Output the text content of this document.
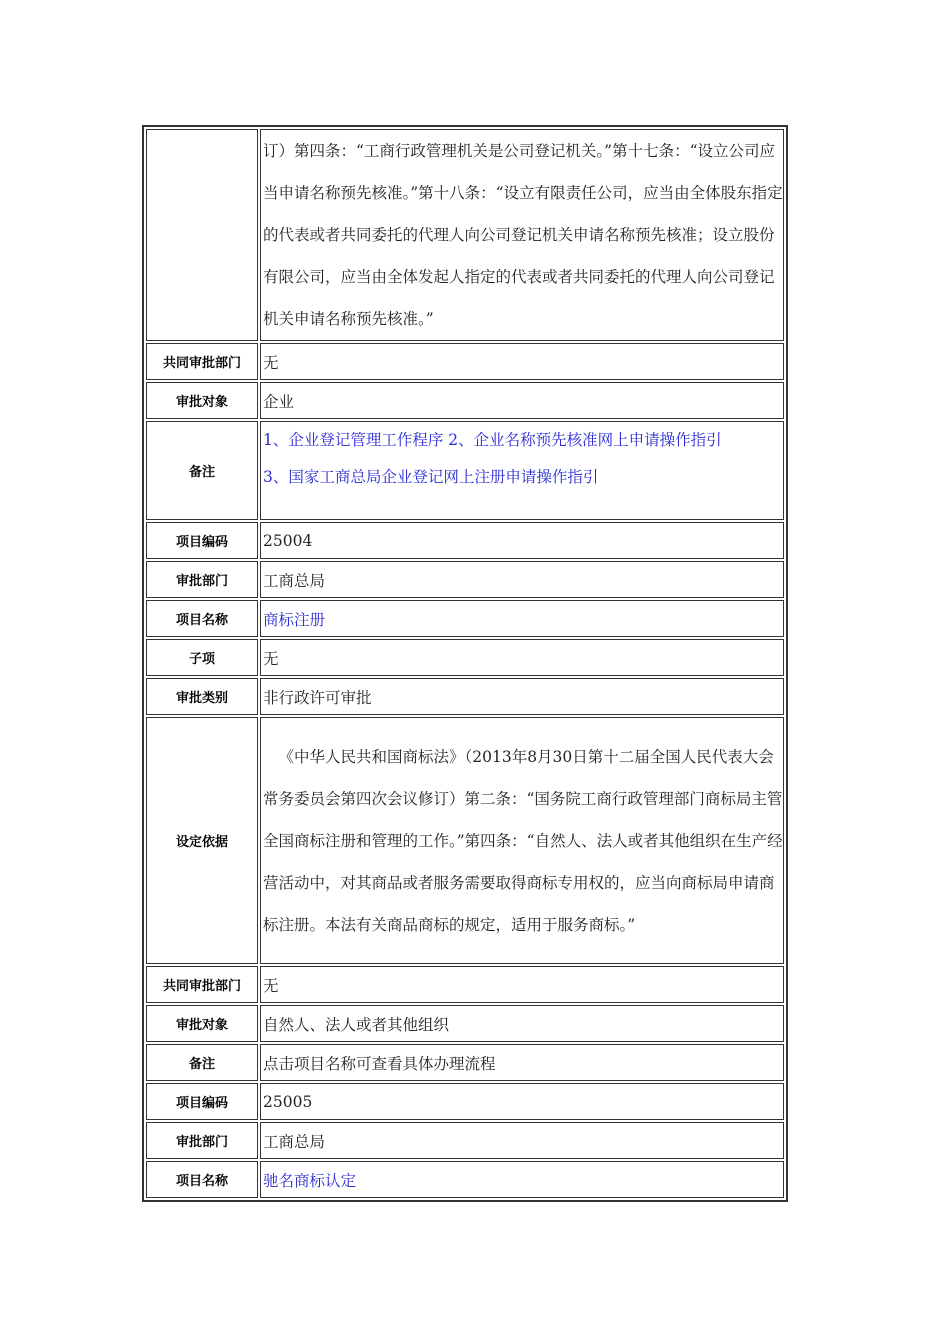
	订）第四条：“工商行政管理机关是公司登记机关。”第十七条：“设立公司应当申请名称预先核准。”第十八条：“设立有限责任公司，应当由全体股东指定的代表或者共同委托的代理人向公司登记机关申请名称预先核准；设立股份有限公司，应当由全体发起人指定的代表或者共同委托的代理人向公司登记机关申请名称预先核准。”
共同审批部门	无
审批对象	企业
备注	1、企业登记管理工作程序 2、企业名称预先核准网上申请操作指引
3、国家工商总局企业登记网上注册申请操作指引

项目编码	25004
审批部门	工商总局
项目名称	商标注册
子项	无
审批类别	非行政许可审批
设定依据	《中华人民共和国商标法》（2013年8月30日第十二届全国人民代表大会常务委员会第四次会议修订）第二条：“国务院工商行政管理部门商标局主管全国商标注册和管理的工作。”第四条：“自然人、法人或者其他组织在生产经营活动中，对其商品或者服务需要取得商标专用权的，应当向商标局申请商标注册。本法有关商品商标的规定，适用于服务商标。”
共同审批部门	无
审批对象	自然人、法人或者其他组织
备注	点击项目名称可查看具体办理流程
项目编码	25005
审批部门	工商总局
项目名称	驰名商标认定
